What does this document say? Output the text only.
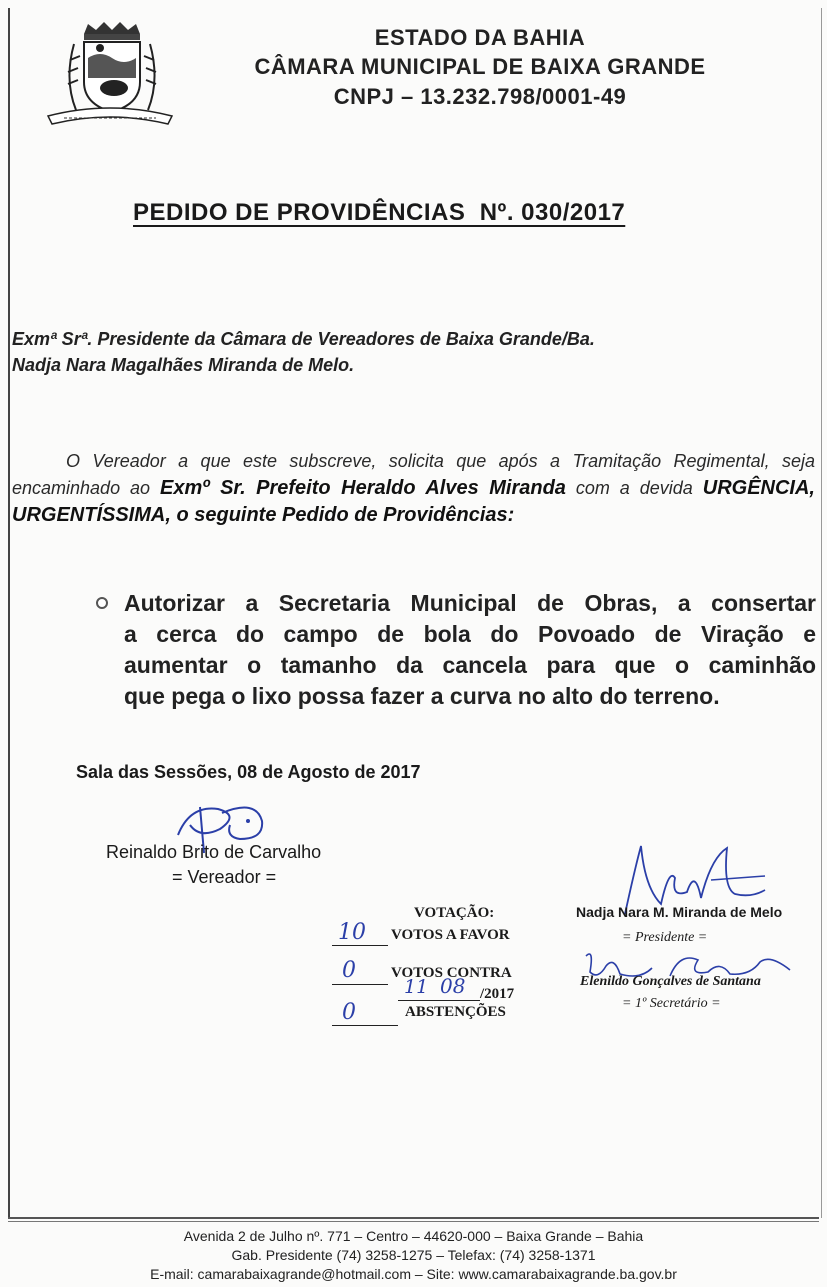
ESTADO DA BAHIA
CÂMARA MUNICIPAL DE BAIXA GRANDE
CNPJ – 13.232.798/0001-49
PEDIDO DE PROVIDÊNCIAS  Nº. 030/2017
Exmª Srª. Presidente da Câmara de Vereadores de Baixa Grande/Ba.
Nadja Nara Magalhães Miranda de Melo.
O Vereador a que este subscreve, solicita que após a Tramitação Regimental, seja encaminhado ao Exmº Sr. Prefeito Heraldo Alves Miranda com a devida URGÊNCIA, URGENTÍSSIMA, o seguinte Pedido de Providências:
Autorizar a Secretaria Municipal de Obras, a consertar
a cerca do campo de bola do Povoado de Viração e
aumentar o tamanho da cancela para que o caminhão
que pega o lixo possa fazer a curva no alto do terreno.
Sala das Sessões, 08 de Agosto de 2017
Reinaldo Brito de Carvalho
= Vereador =
VOTAÇÃO:
10 VOTOS A FAVOR
0 VOTOS CONTRA
11 08 /2017
0	ABSTENÇÕES
Nadja Nara M. Miranda de Melo
= Presidente =
Elenildo Gonçalves de Santana
= 1º Secretário =
Avenida 2 de Julho nº. 771 – Centro – 44620-000 – Baixa Grande – Bahia
Gab. Presidente (74) 3258-1275 – Telefax: (74) 3258-1371
E-mail: camarabaixagrande@hotmail.com – Site: www.camarabaixagrande.ba.gov.br
